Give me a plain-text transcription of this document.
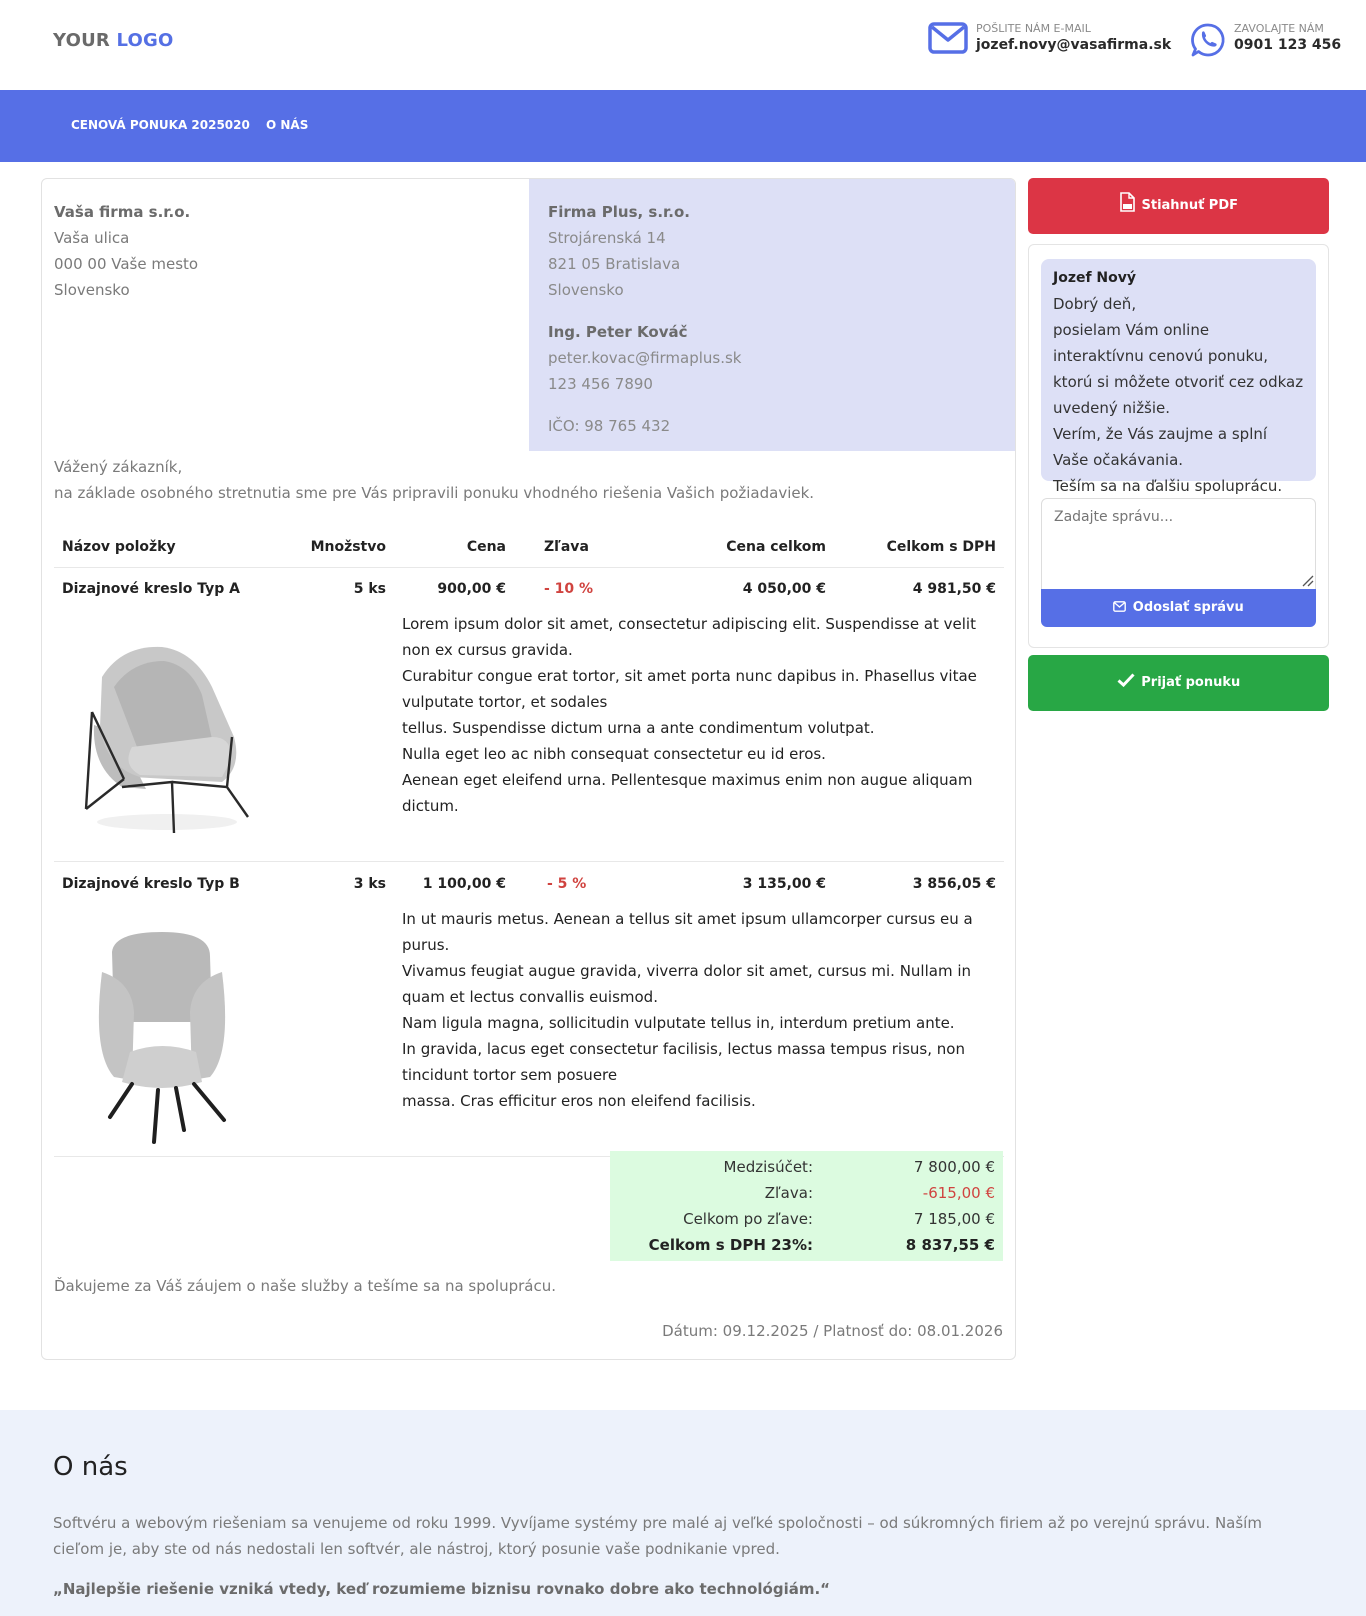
YOUR LOGO
POŠLITE NÁM E-MAIL
jozef.novy@vasafirma.sk
ZAVOLAJTE NÁM
0901 123 456
CENOVÁ PONUKA 2025020 O NÁS
Vaša firma s.r.o.
Vaša ulica
000 00 Vaše mesto
Slovensko
Firma Plus, s.r.o.
Strojárenská 14
821 05 Bratislava
Slovensko
Ing. Peter Kováč
peter.kovac@firmaplus.sk
123 456 7890
IČO: 98 765 432
Vážený zákazník,
na základe osobného stretnutia sme pre Vás pripravili ponuku vhodného riešenia Vašich požiadaviek.
Názov položky	Množstvo	Cena	Zľava	Cena celkom	Celkom s DPH
Dizajnové kreslo Typ A	5 ks	900,00 €	- 10 %	4 050,00 €	4 981,50 €
	Lorem ipsum dolor sit amet, consectetur adipiscing elit. Suspendisse at velit non ex cursus gravida.
Curabitur congue erat tortor, sit amet porta nunc dapibus in. Phasellus vitae vulputate tortor, et sodales
tellus. Suspendisse dictum urna a ante condimentum volutpat.
Nulla eget leo ac nibh consequat consectetur eu id eros.
Aenean eget eleifend urna. Pellentesque maximus enim non augue aliquam dictum.			
Dizajnové kreslo Typ B	3 ks	1 100,00 €	- 5 %	3 135,00 €	3 856,05 €
	In ut mauris metus. Aenean a tellus sit amet ipsum ullamcorper cursus eu a purus.
Vivamus feugiat augue gravida, viverra dolor sit amet, cursus mi. Nullam in quam et lectus convallis euismod.
Nam ligula magna, sollicitudin vulputate tellus in, interdum pretium ante.
In gravida, lacus eget consectetur facilisis, lectus massa tempus risus, non tincidunt tortor sem posuere
massa. Cras efficitur eros non eleifend facilisis.			
Medzisúčet:	7 800,00 €
Zľava:	-615,00 €
Celkom po zľave:	7 185,00 €
Celkom s DPH 23%:	8 837,55 €
Ďakujeme za Váš záujem o naše služby a tešíme sa na spoluprácu.
Dátum: 09.12.2025 / Platnosť do: 08.01.2026
Stiahnuť PDF
Jozef Nový
Dobrý deň,
posielam Vám online interaktívnu cenovú ponuku, ktorú si môžete otvoriť cez odkaz uvedený nižšie.
Verím, že Vás zaujme a splní Vaše očakávania.
Teším sa na ďalšiu spoluprácu.
Zadajte správu...
Odoslať správu
Prijať ponuku
O nás

Softvéru a webovým riešeniam sa venujeme od roku 1999. Vyvíjame systémy pre malé aj veľké spoločnosti – od súkromných firiem až po verejnú správu. Naším cieľom je, aby ste od nás nedostali len softvér, ale nástroj, ktorý posunie vaše podnikanie vpred.

„Najlepšie riešenie vzniká vtedy, keď rozumieme biznisu rovnako dobre ako technológiám.“
